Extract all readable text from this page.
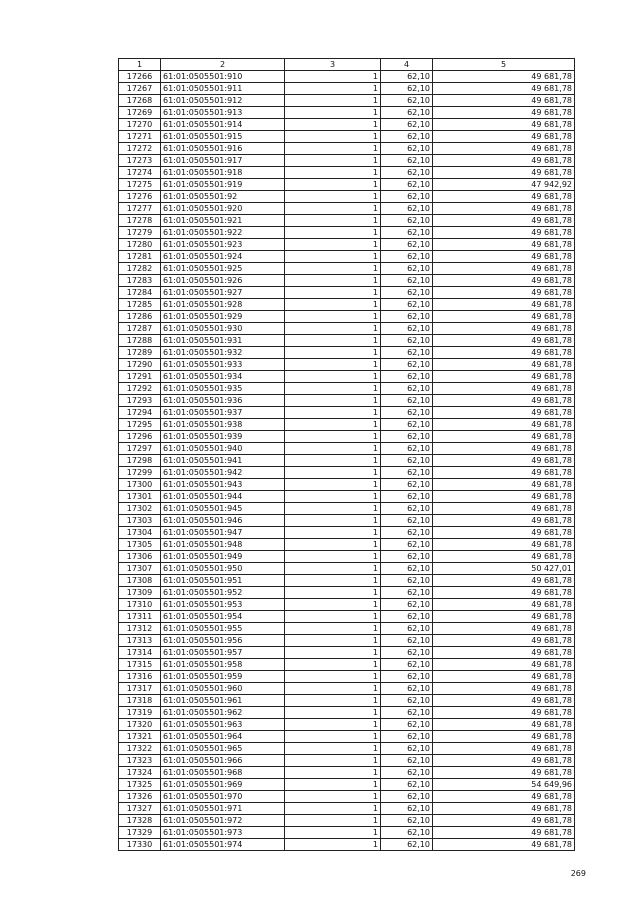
1	2	3	4	5
17266	61:01:0505501:910	1	62,10	49 681,78
17267	61:01:0505501:911	1	62,10	49 681,78
17268	61:01:0505501:912	1	62,10	49 681,78
17269	61:01:0505501:913	1	62,10	49 681,78
17270	61:01:0505501:914	1	62,10	49 681,78
17271	61:01:0505501:915	1	62,10	49 681,78
17272	61:01:0505501:916	1	62,10	49 681,78
17273	61:01:0505501:917	1	62,10	49 681,78
17274	61:01:0505501:918	1	62,10	49 681,78
17275	61:01:0505501:919	1	62,10	47 942,92
17276	61:01:0505501:92	1	62,10	49 681,78
17277	61:01:0505501:920	1	62,10	49 681,78
17278	61:01:0505501:921	1	62,10	49 681,78
17279	61:01:0505501:922	1	62,10	49 681,78
17280	61:01:0505501:923	1	62,10	49 681,78
17281	61:01:0505501:924	1	62,10	49 681,78
17282	61:01:0505501:925	1	62,10	49 681,78
17283	61:01:0505501:926	1	62,10	49 681,78
17284	61:01:0505501:927	1	62,10	49 681,78
17285	61:01:0505501:928	1	62,10	49 681,78
17286	61:01:0505501:929	1	62,10	49 681,78
17287	61:01:0505501:930	1	62,10	49 681,78
17288	61:01:0505501:931	1	62,10	49 681,78
17289	61:01:0505501:932	1	62,10	49 681,78
17290	61:01:0505501:933	1	62,10	49 681,78
17291	61:01:0505501:934	1	62,10	49 681,78
17292	61:01:0505501:935	1	62,10	49 681,78
17293	61:01:0505501:936	1	62,10	49 681,78
17294	61:01:0505501:937	1	62,10	49 681,78
17295	61:01:0505501:938	1	62,10	49 681,78
17296	61:01:0505501:939	1	62,10	49 681,78
17297	61:01:0505501:940	1	62,10	49 681,78
17298	61:01:0505501:941	1	62,10	49 681,78
17299	61:01:0505501:942	1	62,10	49 681,78
17300	61:01:0505501:943	1	62,10	49 681,78
17301	61:01:0505501:944	1	62,10	49 681,78
17302	61:01:0505501:945	1	62,10	49 681,78
17303	61:01:0505501:946	1	62,10	49 681,78
17304	61:01:0505501:947	1	62,10	49 681,78
17305	61:01:0505501:948	1	62,10	49 681,78
17306	61:01:0505501:949	1	62,10	49 681,78
17307	61:01:0505501:950	1	62,10	50 427,01
17308	61:01:0505501:951	1	62,10	49 681,78
17309	61:01:0505501:952	1	62,10	49 681,78
17310	61:01:0505501:953	1	62,10	49 681,78
17311	61:01:0505501:954	1	62,10	49 681,78
17312	61:01:0505501:955	1	62,10	49 681,78
17313	61:01:0505501:956	1	62,10	49 681,78
17314	61:01:0505501:957	1	62,10	49 681,78
17315	61:01:0505501:958	1	62,10	49 681,78
17316	61:01:0505501:959	1	62,10	49 681,78
17317	61:01:0505501:960	1	62,10	49 681,78
17318	61:01:0505501:961	1	62,10	49 681,78
17319	61:01:0505501:962	1	62,10	49 681,78
17320	61:01:0505501:963	1	62,10	49 681,78
17321	61:01:0505501:964	1	62,10	49 681,78
17322	61:01:0505501:965	1	62,10	49 681,78
17323	61:01:0505501:966	1	62,10	49 681,78
17324	61:01:0505501:968	1	62,10	49 681,78
17325	61:01:0505501:969	1	62,10	54 649,96
17326	61:01:0505501:970	1	62,10	49 681,78
17327	61:01:0505501:971	1	62,10	49 681,78
17328	61:01:0505501:972	1	62,10	49 681,78
17329	61:01:0505501:973	1	62,10	49 681,78
17330	61:01:0505501:974	1	62,10	49 681,78
269
